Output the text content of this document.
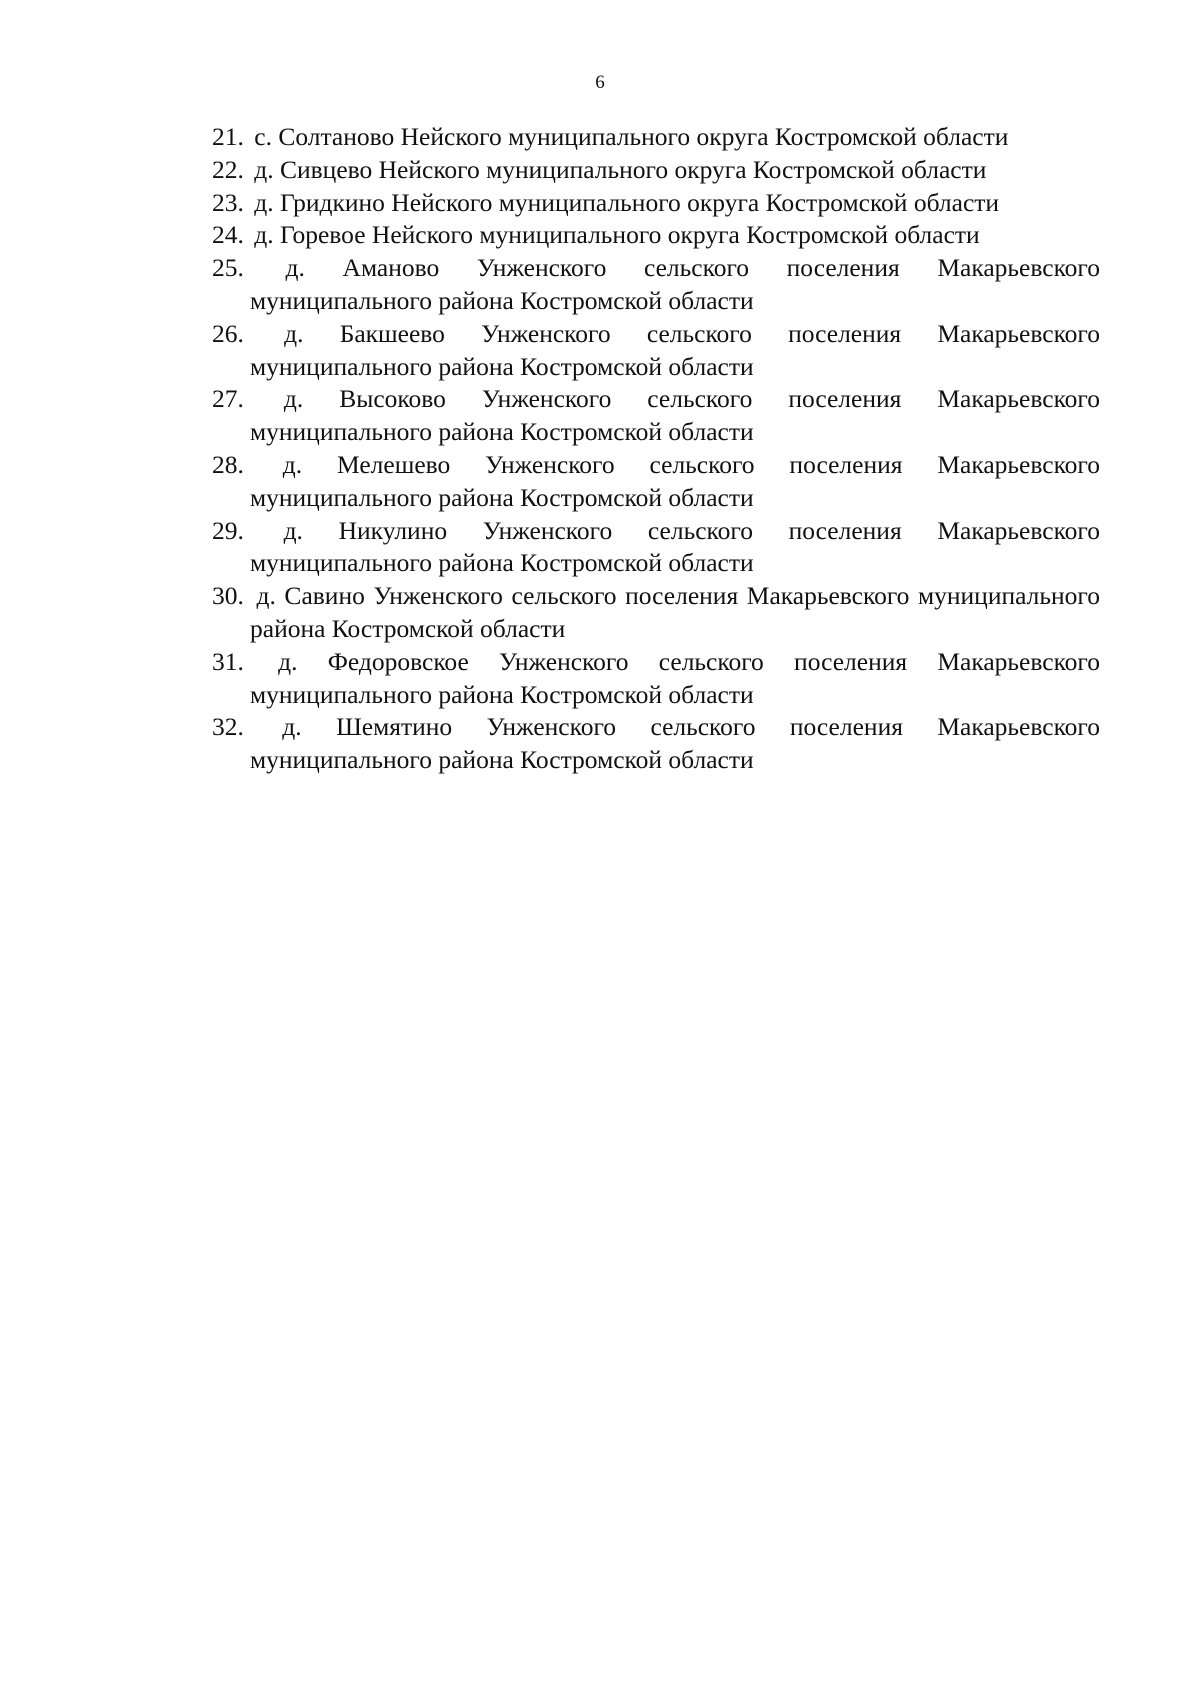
6
21. с. Солтаново Нейского муниципального округа Костромской области
22. д. Сивцево Нейского муниципального округа Костромской области
23. д. Гридкино Нейского муниципального округа Костромской области
24. д. Горевое Нейского муниципального округа Костромской области
25. д. Аманово Унженского сельского поселения Макарьевского муниципального района Костромской области
26. д. Бакшеево Унженского сельского поселения Макарьевского муниципального района Костромской области
27. д. Высоково Унженского сельского поселения Макарьевского муниципального района Костромской области
28. д. Мелешево Унженского сельского поселения Макарьевского муниципального района Костромской области
29. д. Никулино Унженского сельского поселения Макарьевского муниципального района Костромской области
30. д. Савино Унженского сельского поселения Макарьевского муниципального района Костромской области
31. д. Федоровское Унженского сельского поселения Макарьевского муниципального района Костромской области
32. д. Шемятино Унженского сельского поселения Макарьевского муниципального района Костромской области
